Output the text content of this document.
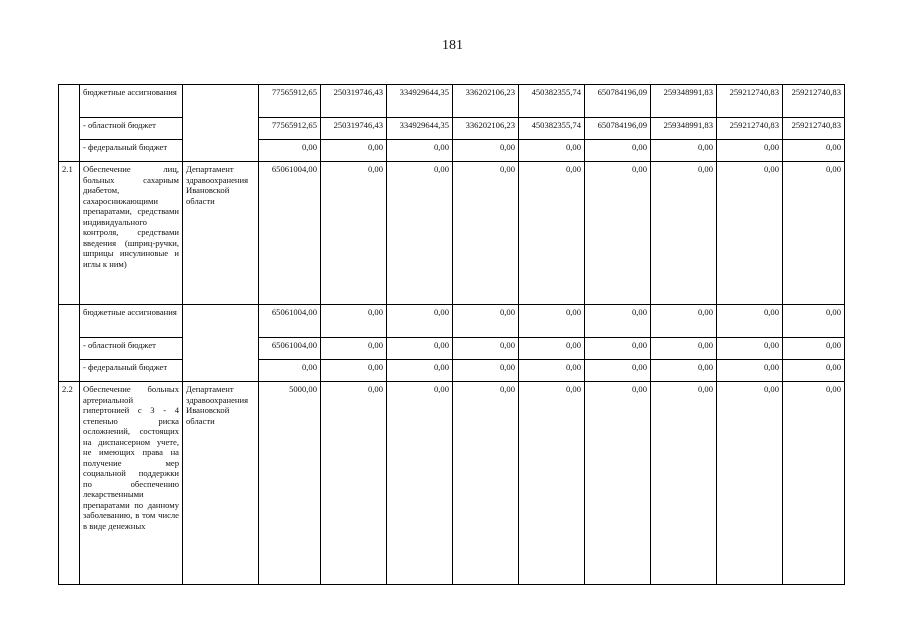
181
	бюджетные ассигнования		77565912,65	250319746,43	334929644,35	336202106,23	450382355,74	650784196,09	259348991,83	259212740,83	259212740,83
	- областной бюджет		77565912,65	250319746,43	334929644,35	336202106,23	450382355,74	650784196,09	259348991,83	259212740,83	259212740,83
	- федеральный бюджет		0,00	0,00	0,00	0,00	0,00	0,00	0,00	0,00	0,00
2.1	Обеспечение лиц, больных сахарным диабетом, сахароснижающими препаратами, средствами индивидуального контроля, средствами введения (шприц-ручки, шприцы инсулиновые и иглы к ним)	Департамент здравоохранения Ивановской области	65061004,00	0,00	0,00	0,00	0,00	0,00	0,00	0,00	0,00
	бюджетные ассигнования		65061004,00	0,00	0,00	0,00	0,00	0,00	0,00	0,00	0,00
	- областной бюджет		65061004,00	0,00	0,00	0,00	0,00	0,00	0,00	0,00	0,00
	- федеральный бюджет		0,00	0,00	0,00	0,00	0,00	0,00	0,00	0,00	0,00
2.2	Обеспечение больных артериальной гипертонией с 3 - 4 степенью риска осложнений, состоящих на диспансерном учете, не имеющих права на получение мер социальной поддержки по обеспечению лекарственными препаратами по данному заболеванию, в том числе в виде денежных	Департамент здравоохранения Ивановской области	5000,00	0,00	0,00	0,00	0,00	0,00	0,00	0,00	0,00
